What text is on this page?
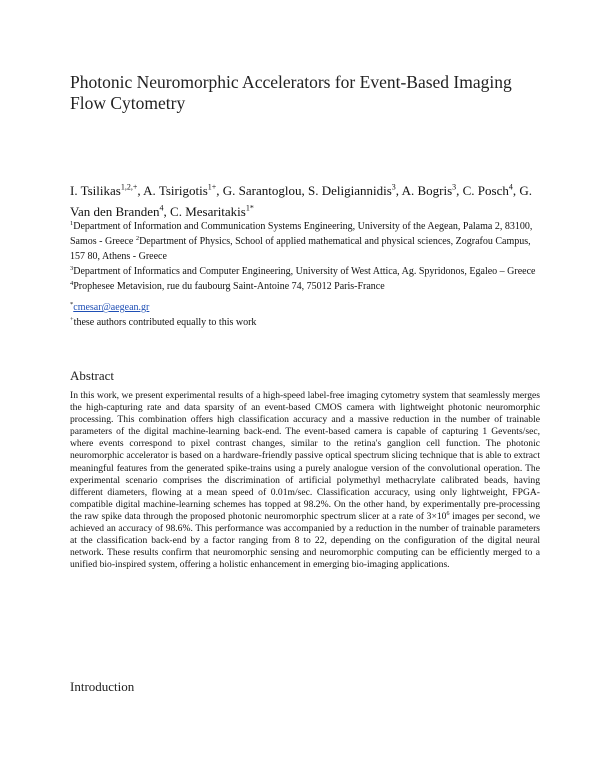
Photonic Neuromorphic Accelerators for Event-Based Imaging Flow Cytometry
I. Tsilikas$^{1,2,+}$, A. Tsirigotis$^{1+}$, G. Sarantoglou, S. Deligiannidis$^3$, A. Bogris$^3$, C. Posch$^4$, G. Van den Branden$^4$, C. Mesaritakis$^{1*}$

$^1$Department of Information and Communication Systems Engineering, University of the Aegean, Palama 2, 83100, Samos - Greece $^2$Department of Physics, School of applied mathematical and physical sciences, Zografou Campus, 157 80, Athens - Greece

$^3$Department of Informatics and Computer Engineering, University of West Attica, Ag. Spyridonos, Egaleo – Greece

$^4$Prophesee Metavision, rue du faubourg Saint-Antoine 74, 75012 Paris-France

*cmesar@aegean.gr

+these authors contributed equally to this work

Abstract
In this work, we present experimental results of a high-speed label-free imaging cytometry system that seamlessly merges the high-capturing rate and data sparsity of an event-based CMOS camera with lightweight photonic neuromorphic processing. This combination offers high classification accuracy and a massive reduction in the number of trainable parameters of the digital machine-learning back-end. The event-based camera is capable of capturing 1 Gevents/sec, where events correspond to pixel contrast changes, similar to the retina's ganglion cell function. The photonic neuromorphic accelerator is based on a hardware-friendly passive optical spectrum slicing technique that is able to extract meaningful features from the generated spike-trains using a purely analogue version of the convolutional operation. The experimental scenario comprises the discrimination of artificial polymethyl methacrylate calibrated beads, having different diameters, flowing at a mean speed of 0.01m/sec. Classification accuracy, using only lightweight, FPGA-compatible digital machine-learning schemes has topped at 98.2%. On the other hand, by experimentally pre-processing the raw spike data through the proposed photonic neuromorphic spectrum slicer at a rate of $3\times 10^6$ images per second, we achieved an accuracy of 98.6%. This performance was accompanied by a reduction in the number of trainable parameters at the classification back-end by a factor ranging from 8 to 22, depending on the configuration of the digital neural network. These results confirm that neuromorphic sensing and neuromorphic computing can be efficiently merged to a unified bio-inspired system, offering a holistic enhancement in emerging bio-imaging applications.
Introduction
